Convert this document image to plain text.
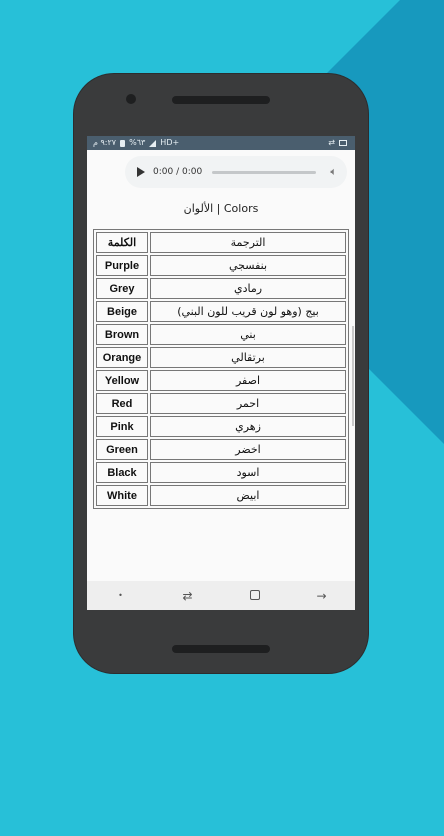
٩:٢٧ م %٦٣ HD+	⇄
0:00 / 0:00	🔈︎
الألوان | Colors
الكلمة	الترجمة
Purple	بنفسجي
Grey	رمادي
Beige	بيج (وهو لون قريب للون البني)
Brown	بني
Orange	برتقالي
Yellow	اصفر
Red	احمر
Pink	زهري
Green	اخضر
Black	اسود
White	ابيض
•	⇄	→
